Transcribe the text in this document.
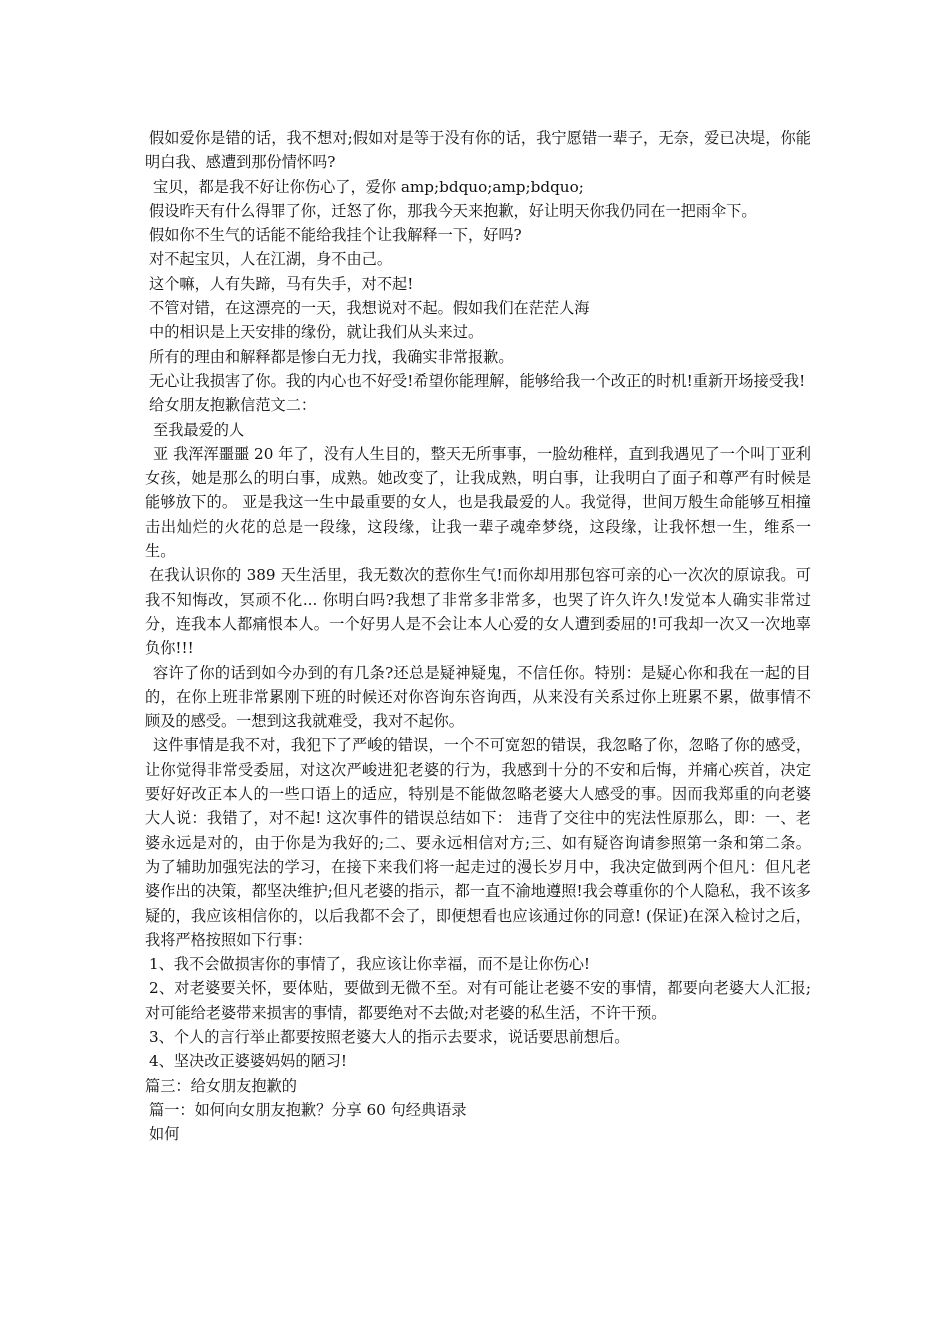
假如爱你是错的话，我不想对;假如对是等于没有你的话，我宁愿错一辈子，无奈，爱已决堤，你能明白我、感遭到那份情怀吗?

宝贝，都是我不好让你伤心了，爱你 amp;bdquo;amp;bdquo;

假设昨天有什么得罪了你，迁怒了你，那我今天来抱歉，好让明天你我仍同在一把雨伞下。

假如你不生气的话能不能给我挂个让我解释一下，好吗?

对不起宝贝，人在江湖，身不由己。

这个嘛，人有失蹄，马有失手，对不起!

不管对错，在这漂亮的一天，我想说对不起。假如我们在茫茫人海

中的相识是上天安排的缘份，就让我们从头来过。

所有的理由和解释都是惨白无力找，我确实非常报歉。

无心让我损害了你。我的内心也不好受!希望你能理解，能够给我一个改正的时机!重新开场接受我!

给女朋友抱歉信范文二：

至我最爱的人

亚 我浑浑噩噩 20 年了，没有人生目的，整天无所事事，一脸幼稚样，直到我遇见了一个叫丁亚利女孩，她是那么的明白事，成熟。她改变了，让我成熟，明白事，让我明白了面子和尊严有时候是能够放下的。 亚是我这一生中最重要的女人，也是我最爱的人。我觉得，世间万般生命能够互相撞击出灿烂的火花的总是一段缘，这段缘，让我一辈子魂牵梦绕，这段缘，让我怀想一生，维系一生。

在我认识你的 389 天生活里，我无数次的惹你生气!而你却用那包容可亲的心一次次的原谅我。可我不知悔改，冥顽不化... 你明白吗?我想了非常多非常多，也哭了许久许久!发觉本人确实非常过分，连我本人都痛恨本人。一个好男人是不会让本人心爱的女人遭到委屈的!可我却一次又一次地辜负你!!!

容许了你的话到如今办到的有几条?还总是疑神疑鬼，不信任你。特别：是疑心你和我在一起的目的，在你上班非常累刚下班的时候还对你咨询东咨询西，从来没有关系过你上班累不累，做事情不顾及的感受。一想到这我就难受，我对不起你。

这件事情是我不对，我犯下了严峻的错误，一个不可宽恕的错误，我忽略了你，忽略了你的感受，让你觉得非常受委屈，对这次严峻进犯老婆的行为，我感到十分的不安和后悔，并痛心疾首，决定要好好改正本人的一些口语上的适应，特别是不能做忽略老婆大人感受的事。因而我郑重的向老婆大人说：我错了，对不起! 这次事件的错误总结如下： 违背了交往中的宪法性原那么，即：一、老婆永远是对的，由于你是为我好的;二、要永远相信对方;三、如有疑咨询请参照第一条和第二条。 为了辅助加强宪法的学习，在接下来我们将一起走过的漫长岁月中，我决定做到两个但凡：但凡老婆作出的决策，都坚决维护;但凡老婆的指示，都一直不渝地遵照!我会尊重你的个人隐私，我不该多疑的，我应该相信你的，以后我都不会了，即便想看也应该通过你的同意! (保证)在深入检讨之后，我将严格按照如下行事：

1、我不会做损害你的事情了，我应该让你幸福，而不是让你伤心!

2、对老婆要关怀，要体贴，要做到无微不至。对有可能让老婆不安的事情，都要向老婆大人汇报;对可能给老婆带来损害的事情，都要绝对不去做;对老婆的私生活，不许干预。

3、个人的言行举止都要按照老婆大人的指示去要求，说话要思前想后。

4、坚决改正婆婆妈妈的陋习!

篇三：给女朋友抱歉的

篇一：如何向女朋友抱歉？分享 60 句经典语录

如何
